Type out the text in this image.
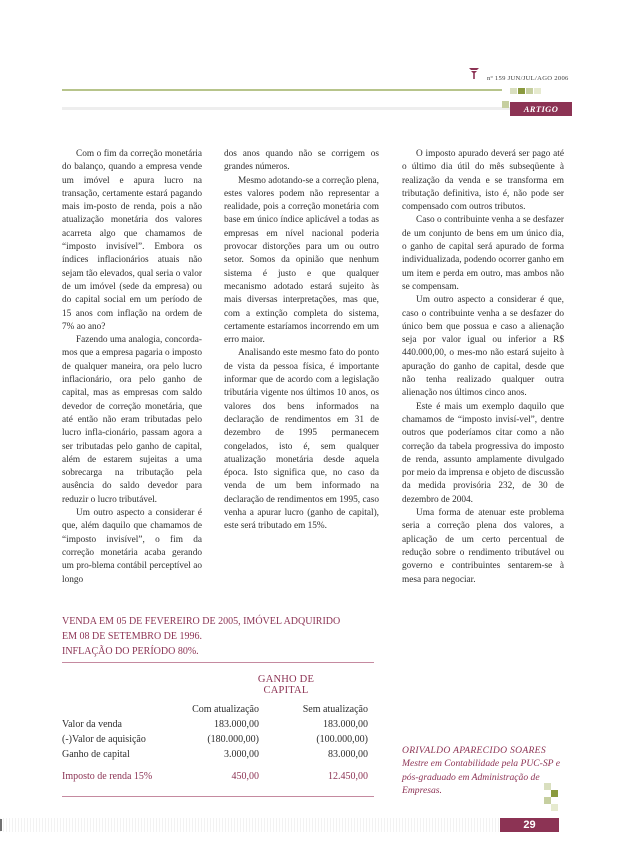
nº 159 JUN/JUL/AGO 2006
ARTIGO

Com o fim da correção monetária do balanço, quando a empresa vende um imóvel e apura lucro na transação, certamente estará pagando mais im-posto de renda, pois a não atualização monetária dos valores acarreta algo que chamamos de “imposto invisível”. Embora os índices inflacionários atuais não sejam tão elevados, qual seria o valor de um imóvel (sede da empresa) ou do capital social em um período de 15 anos com inflação na ordem de 7% ao ano?

Fazendo uma analogia, concorda-mos que a empresa pagaria o imposto de qualquer maneira, ora pelo lucro inflacionário, ora pelo ganho de capital, mas as empresas com saldo devedor de correção monetária, que até então não eram tributadas pelo lucro infla-cionário, passam agora a ser tributadas pelo ganho de capital, além de estarem sujeitas a uma sobrecarga na tributação pela ausência do saldo devedor para reduzir o lucro tributável.

Um outro aspecto a considerar é que, além daquilo que chamamos de “imposto invisível”, o fim da correção monetária acaba gerando um pro-blema contábil perceptível ao longo

dos anos quando não se corrigem os grandes números.

Mesmo adotando-se a correção plena, estes valores podem não representar a realidade, pois a correção monetária com base em único índice aplicável a todas as empresas em nível nacional poderia provocar distorções para um ou outro setor. Somos da opinião que nenhum sistema é justo e que qualquer mecanismo adotado estará sujeito às mais diversas interpretações, mas que, com a extinção completa do sistema, certamente estaríamos incorrendo em um erro maior.

Analisando este mesmo fato do ponto de vista da pessoa física, é importante informar que de acordo com a legislação tributária vigente nos últimos 10 anos, os valores dos bens informados na declaração de rendimentos em 31 de dezembro de 1995 permanecem congelados, isto é, sem qualquer atualização monetária desde aquela época. Isto significa que, no caso da venda de um bem informado na declaração de rendimentos em 1995, caso venha a apurar lucro (ganho de capital), este será tributado em 15%.

O imposto apurado deverá ser pago até o último dia útil do mês subseqüente à realização da venda e se transforma em tributação definitiva, isto é, não pode ser compensado com outros tributos.

Caso o contribuinte venha a se desfazer de um conjunto de bens em um único dia, o ganho de capital será apurado de forma individualizada, podendo ocorrer ganho em um item e perda em outro, mas ambos não se compensam.

Um outro aspecto a considerar é que, caso o contribuinte venha a se desfazer do único bem que possua e caso a alienação seja por valor igual ou inferior a R$ 440.000,00, o mes-mo não estará sujeito à apuração do ganho de capital, desde que não tenha realizado qualquer outra alienação nos últimos cinco anos.

Este é mais um exemplo daquilo que chamamos de “imposto invisí-vel”, dentre outros que poderíamos citar como a não correção da tabela progressiva do imposto de renda, assunto amplamente divulgado por meio da imprensa e objeto de discussão da medida provisória 232, de 30 de dezembro de 2004.

Uma forma de atenuar este problema seria a correção plena dos valores, a aplicação de um certo percentual de redução sobre o rendimento tributável ou governo e contribuintes sentarem-se à mesa para negociar.

VENDA EM 05 DE FEVEREIRO DE 2005, IMÓVEL ADQUIRIDO
EM 08 DE SETEMBRO DE 1996.
INFLAÇÃO DO PERÍODO 80%.
GANHO DE CAPITAL
Com atualização	Sem atualização
Valor da venda	183.000,00	183.000,00
(-)Valor de aquisição	(180.000,00)	(100.000,00)
Ganho de capital	3.000,00	83.000,00
Imposto de renda 15%	450,00	12.450,00
ORIVALDO APARECIDO SOARES
Mestre em Contabilidade pela PUC-SP e pós-graduado em Administração de Empresas.
29
